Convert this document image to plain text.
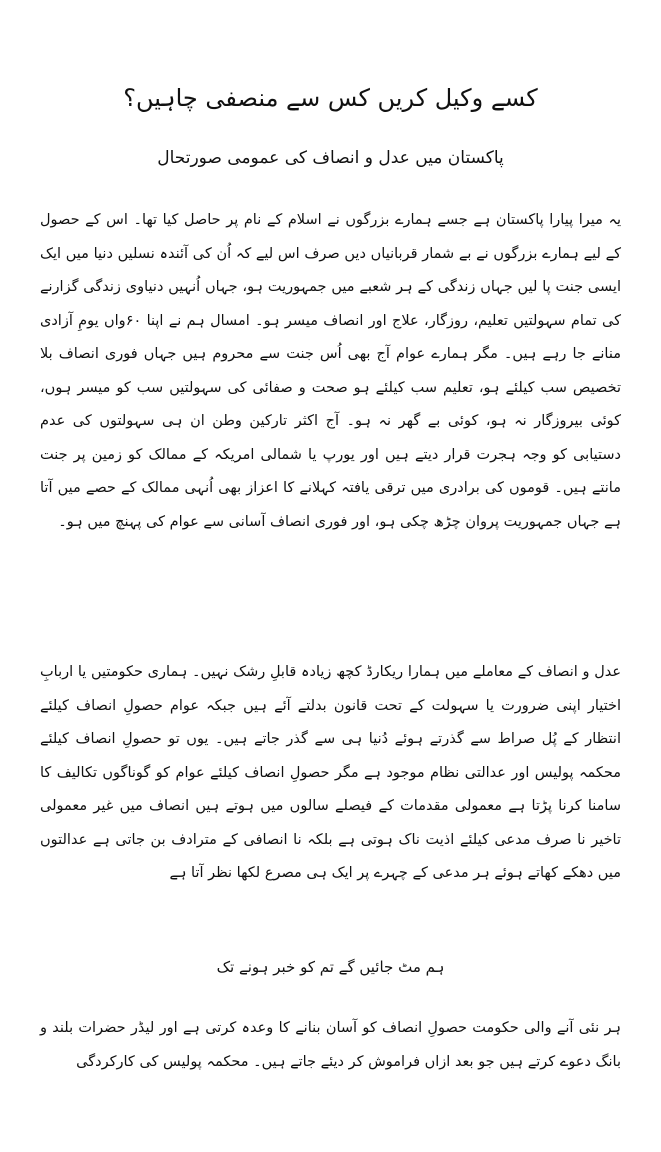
کسے وکیل کریں کس سے منصفی چاہیں؟
پاکستان میں عدل و انصاف کی عمومی صورتحال

یہ میرا پیارا پاکستان ہے جسے ہمارے بزرگوں نے اسلام کے نام پر حاصل کیا تھا۔ اس کے حصول کے لیے ہمارے بزرگوں نے بے شمار قربانیاں دیں صرف اس لیے کہ اُن کی آئندہ نسلیں دنیا میں ایک ایسی جنت پا لیں جہاں زندگی کے ہر شعبے میں جمہوریت ہو، جہاں اُنہیں دنیاوی زندگی گزارنے کی تمام سہولتیں تعلیم، روزگار، علاج اور انصاف میسر ہو۔ امسال ہم نے اپنا ۶۰واں یومِ آزادی منانے جا رہے ہیں۔ مگر ہمارے عوام آج بھی اُس جنت سے محروم ہیں جہاں فوری انصاف بلا تخصیص سب کیلئے ہو، تعلیم سب کیلئے ہو صحت و صفائی کی سہولتیں سب کو میسر ہوں، کوئی بیروزگار نہ ہو، کوئی بے گھر نہ ہو۔ آج اکثر تارکین وطن ان ہی سہولتوں کی عدم دستیابی کو وجہ ہجرت قرار دیتے ہیں اور یورپ یا شمالی امریکہ کے ممالک کو زمین پر جنت مانتے ہیں۔ قوموں کی برادری میں ترقی یافتہ کہلانے کا اعزاز بھی اُنہی ممالک کے حصے میں آتا ہے جہاں جمہوریت پروان چڑھ چکی ہو، اور فوری انصاف آسانی سے عوام کی پہنچ میں ہو۔

عدل و انصاف کے معاملے میں ہمارا ریکارڈ کچھ زیادہ قابلِ رشک نہیں۔ ہماری حکومتیں یا اربابِ اختیار اپنی ضرورت یا سہولت کے تحت قانون بدلتے آئے ہیں جبکہ عوام حصولِ انصاف کیلئے انتظار کے پُل صراط سے گذرتے ہوئے دُنیا ہی سے گذر جاتے ہیں۔ یوں تو حصولِ انصاف کیلئے محکمہ پولیس اور عدالتی نظام موجود ہے مگر حصولِ انصاف کیلئے عوام کو گوناگوں تکالیف کا سامنا کرنا پڑتا ہے معمولی مقدمات کے فیصلے سالوں میں ہوتے ہیں انصاف میں غیر معمولی تاخیر نا صرف مدعی کیلئے اذیت ناک ہوتی ہے بلکہ نا انصافی کے مترادف بن جاتی ہے عدالتوں میں دھکے کھاتے ہوئے ہر مدعی کے چہرے پر ایک ہی مصرع لکھا نظر آتا ہے

ہم مٹ جائیں گے تم کو خبر ہونے تک

ہر نئی آنے والی حکومت حصولِ انصاف کو آسان بنانے کا وعدہ کرتی ہے اور لیڈر حضرات بلند و بانگ دعوے کرتے ہیں جو بعد ازاں فراموش کر دیئے جاتے ہیں۔ محکمہ پولیس کی کارکردگی
